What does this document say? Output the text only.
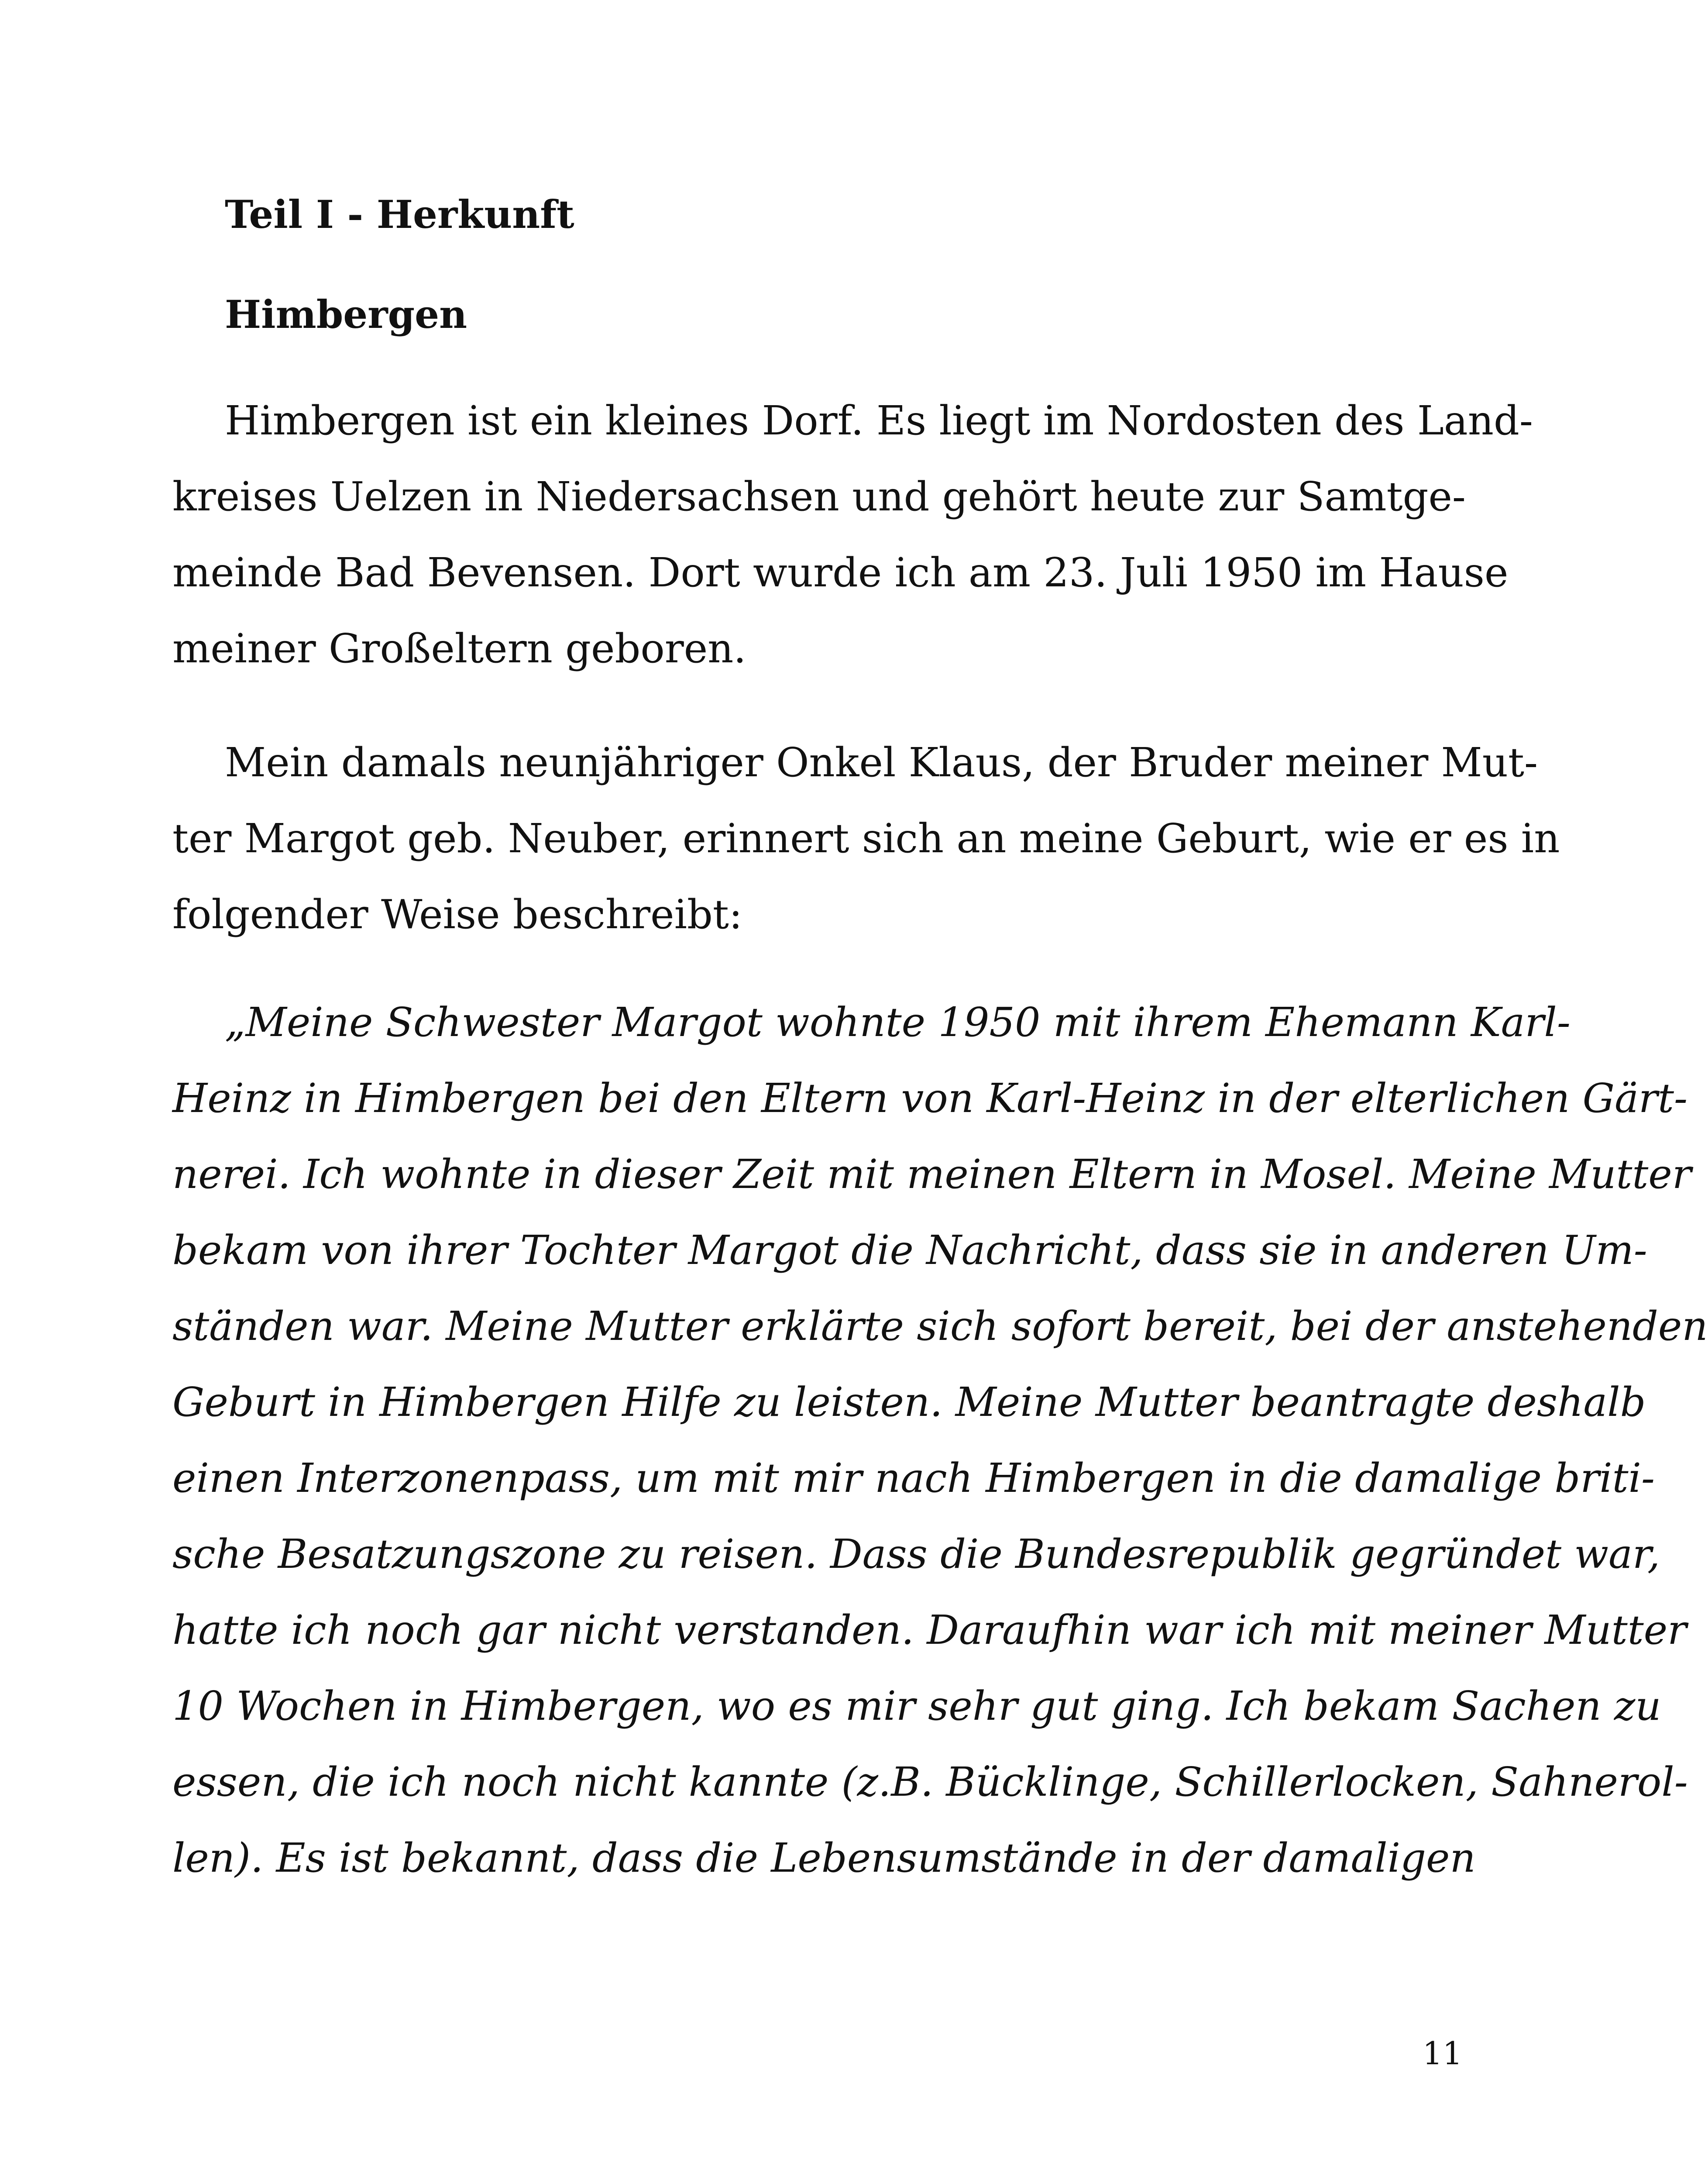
Teil I - Herkunft
Himbergen
Himbergen ist ein kleines Dorf. Es liegt im Nordosten des Land-
kreises Uelzen in Niedersachsen und gehört heute zur Samtge-
meinde Bad Bevensen. Dort wurde ich am 23. Juli 1950 im Hause
meiner Großeltern geboren.
Mein damals neunjähriger Onkel Klaus, der Bruder meiner Mut-
ter Margot geb. Neuber, erinnert sich an meine Geburt, wie er es in
folgender Weise beschreibt:
„Meine Schwester Margot wohnte 1950 mit ihrem Ehemann Karl-
Heinz in Himbergen bei den Eltern von Karl-Heinz in der elterlichen Gärt-
nerei. Ich wohnte in dieser Zeit mit meinen Eltern in Mosel. Meine Mutter
bekam von ihrer Tochter Margot die Nachricht, dass sie in anderen Um-
ständen war. Meine Mutter erklärte sich sofort bereit, bei der anstehenden
Geburt in Himbergen Hilfe zu leisten. Meine Mutter beantragte deshalb
einen Interzonenpass, um mit mir nach Himbergen in die damalige briti-
sche Besatzungszone zu reisen. Dass die Bundesrepublik gegründet war,
hatte ich noch gar nicht verstanden. Daraufhin war ich mit meiner Mutter
10 Wochen in Himbergen, wo es mir sehr gut ging. Ich bekam Sachen zu
essen, die ich noch nicht kannte (z.B. Bücklinge, Schillerlocken, Sahnerol-
len). Es ist bekannt, dass die Lebensumstände in der damaligen
11
